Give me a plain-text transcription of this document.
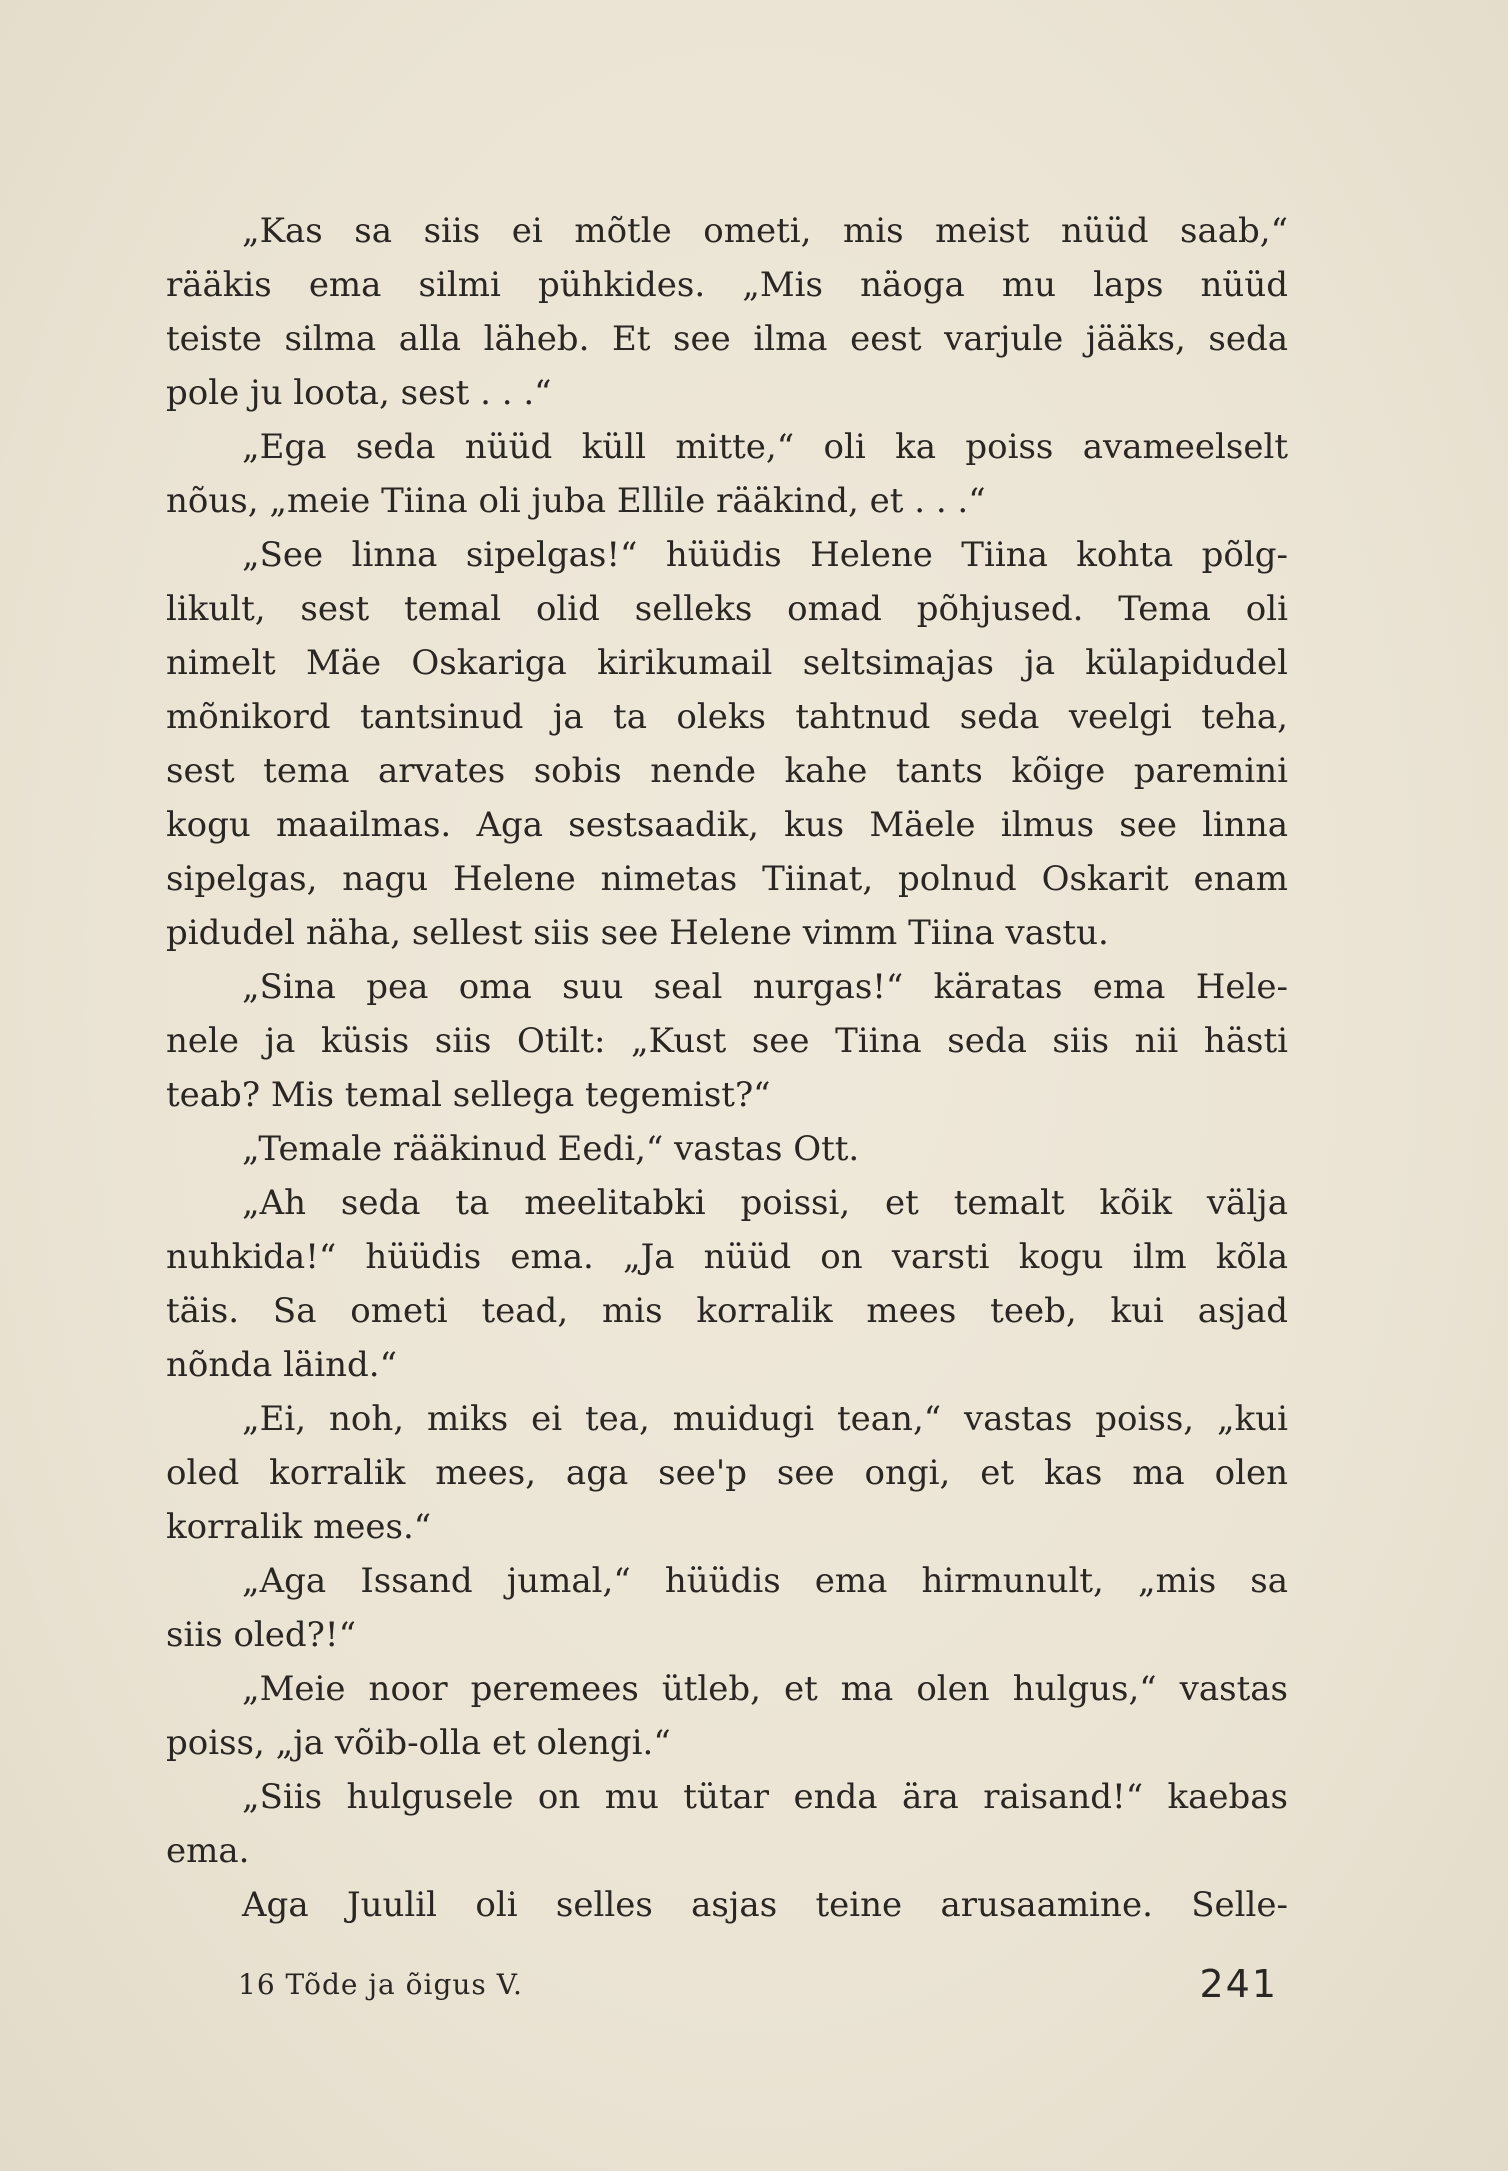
„Kas sa siis ei mõtle ometi, mis meist nüüd saab,“
rääkis ema silmi pühkides. „Mis näoga mu laps nüüd
teiste silma alla läheb. Et see ilma eest varjule jääks, seda
pole ju loota, sest . . .“
„Ega seda nüüd küll mitte,“ oli ka poiss avameelselt
nõus, „meie Tiina oli juba Ellile rääkind, et . . .“
„See linna sipelgas!“ hüüdis Helene Tiina kohta põlg-
likult, sest temal olid selleks omad põhjused. Tema oli
nimelt Mäe Oskariga kirikumail seltsimajas ja külapidudel
mõnikord tantsinud ja ta oleks tahtnud seda veelgi teha,
sest tema arvates sobis nende kahe tants kõige paremini
kogu maailmas. Aga sestsaadik, kus Mäele ilmus see linna
sipelgas, nagu Helene nimetas Tiinat, polnud Oskarit enam
pidudel näha, sellest siis see Helene vimm Tiina vastu.
„Sina pea oma suu seal nurgas!“ käratas ema Hele-
nele ja küsis siis Otilt: „Kust see Tiina seda siis nii hästi
teab? Mis temal sellega tegemist?“
„Temale rääkinud Eedi,“ vastas Ott.
„Ah seda ta meelitabki poissi, et temalt kõik välja
nuhkida!“ hüüdis ema. „Ja nüüd on varsti kogu ilm kõla
täis. Sa ometi tead, mis korralik mees teeb, kui asjad
nõnda läind.“
„Ei, noh, miks ei tea, muidugi tean,“ vastas poiss, „kui
oled korralik mees, aga see'p see ongi, et kas ma olen
korralik mees.“
„Aga Issand jumal,“ hüüdis ema hirmunult, „mis sa
siis oled?!“
„Meie noor peremees ütleb, et ma olen hulgus,“ vastas
poiss, „ja võib-olla et olengi.“
„Siis hulgusele on mu tütar enda ära raisand!“ kaebas
ema.
Aga Juulil oli selles asjas teine arusaamine. Selle-
16 Tõde ja õigus V.	241
